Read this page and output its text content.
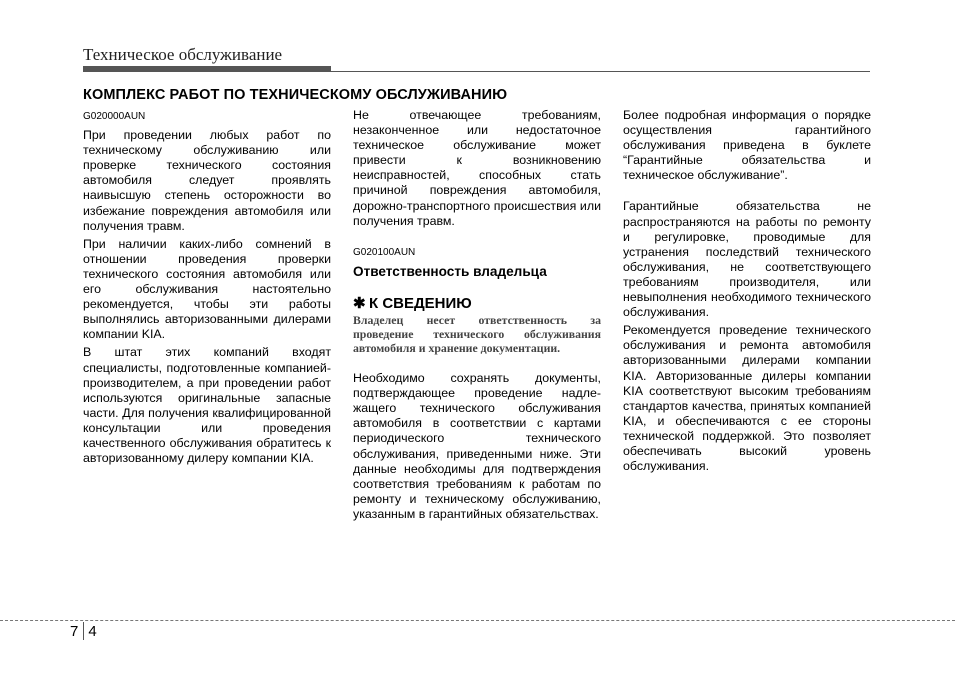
Техническое обслуживание
КОМПЛЕКС РАБОТ ПО ТЕХНИЧЕСКОМУ ОБСЛУЖИВАНИЮ
G020000AUN

При проведении любых работ по техническому обслуживанию или проверке технического состояния автомобиля следует проявлять наивысшую степень осторожности во избежание повреждения автомобиля или получения травм.

При наличии каких-либо сомнений в отношении проведения проверки технического состояния автомобиля или его обслуживания настоятельно рекомендуется, чтобы эти работы выполнялись авторизованными дилерами компании KIA.

В штат этих компаний входят специалисты, подготовленные компанией-производителем, а при проведении работ используются оригинальные запасные части. Для получения квалифицированной консультации или проведения качественного обслуживания обратитесь к авторизованному дилеру компании KIA.

Не отвечающее требованиям, незаконченное или недостаточное техническое обслуживание может привести к возникновению неисправностей, способных стать причиной повреждения автомобиля, дорожно-транспортного происшествия или получения травм.

G020100AUN
Ответственность владельца
✱ К СВЕДЕНИЮ
Владелец несет ответственность за проведение технического обслуживания автомобиля и хранение документации.

Необходимо сохранять документы, подтверждающее проведение надле-жащего технического обслуживания автомобиля в соответствии с картами периодического технического обслуживания, приведенными ниже. Эти данные необходимы для подтверждения соответствия требованиям к работам по ремонту и техническому обслуживанию, указанным в гарантийных обязательствах.

Более подробная информация о порядке осуществления гарантийного обслуживания приведена в буклете “Гарантийные обязательства и техническое обслуживание”.

Гарантийные обязательства не распространяются на работы по ремонту и регулировке, проводимые для устранения последствий технического обслуживания, не соответствующего требованиям производителя, или невыполнения необходимого технического обслуживания.

Рекомендуется проведение технического обслуживания и ремонта автомобиля авторизованными дилерами компании KIA. Авторизованные дилеры компании KIA соответствуют высоким требованиям стандартов качества, принятых компанией KIA, и обеспечиваются с ее стороны технической поддержкой. Это позволяет обеспечивать высокий уровень обслуживания.

7 4
